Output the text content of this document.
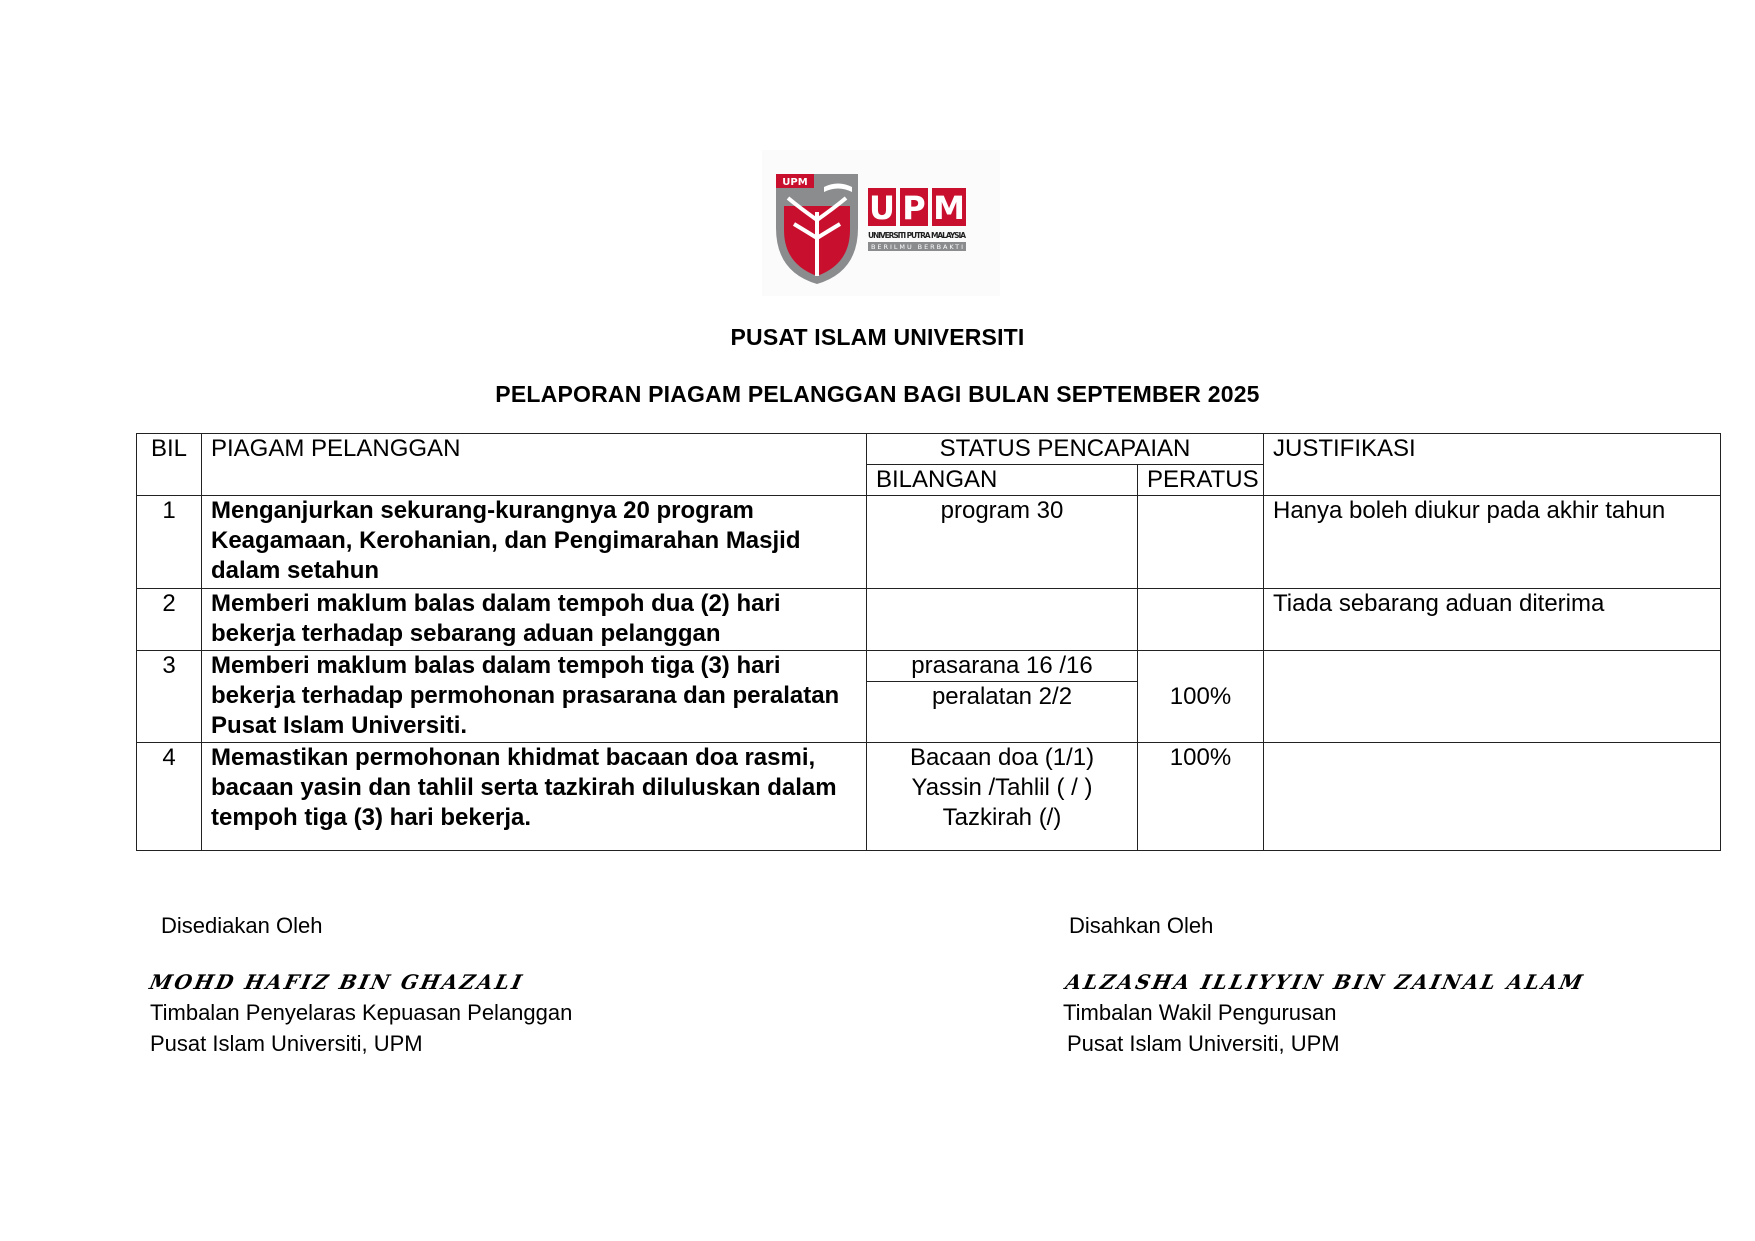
UPM
U P M
UNIVERSITI PUTRA MALAYSIA
BERILMU BERBAKTI
PUSAT ISLAM UNIVERSITI
PELAPORAN PIAGAM PELANGGAN BAGI BULAN SEPTEMBER 2025
BIL	PIAGAM PELANGGAN	STATUS PENCAPAIAN		JUSTIFIKASI
		BILANGAN	PERATUS	
1	Menganjurkan sekurang-kurangnya 20 program Keagamaan, Kerohanian, dan Pengimarahan Masjid dalam setahun	program 30		Hanya boleh diukur pada akhir tahun
2	Memberi maklum balas dalam tempoh dua (2) hari bekerja terhadap sebarang aduan pelanggan			Tiada sebarang aduan diterima
3	Memberi maklum balas dalam tempoh tiga (3) hari bekerja terhadap permohonan prasarana dan peralatan Pusat Islam Universiti.	prasarana 16 /16	100%	
		peralatan 2/2		
4	Memastikan permohonan khidmat bacaan doa rasmi, bacaan yasin dan tahlil serta tazkirah diluluskan dalam tempoh tiga (3) hari bekerja.	Bacaan doa (1/1)
Yassin /Tahlil ( / )
Tazkirah (/)	100%	
Disediakan Oleh
MOHD HAFIZ BIN GHAZALI
Timbalan Penyelaras Kepuasan Pelanggan
Pusat Islam Universiti, UPM
Disahkan Oleh
ALZASHA ILLIYYIN BIN ZAINAL ALAM
Timbalan Wakil Pengurusan
Pusat Islam Universiti, UPM
